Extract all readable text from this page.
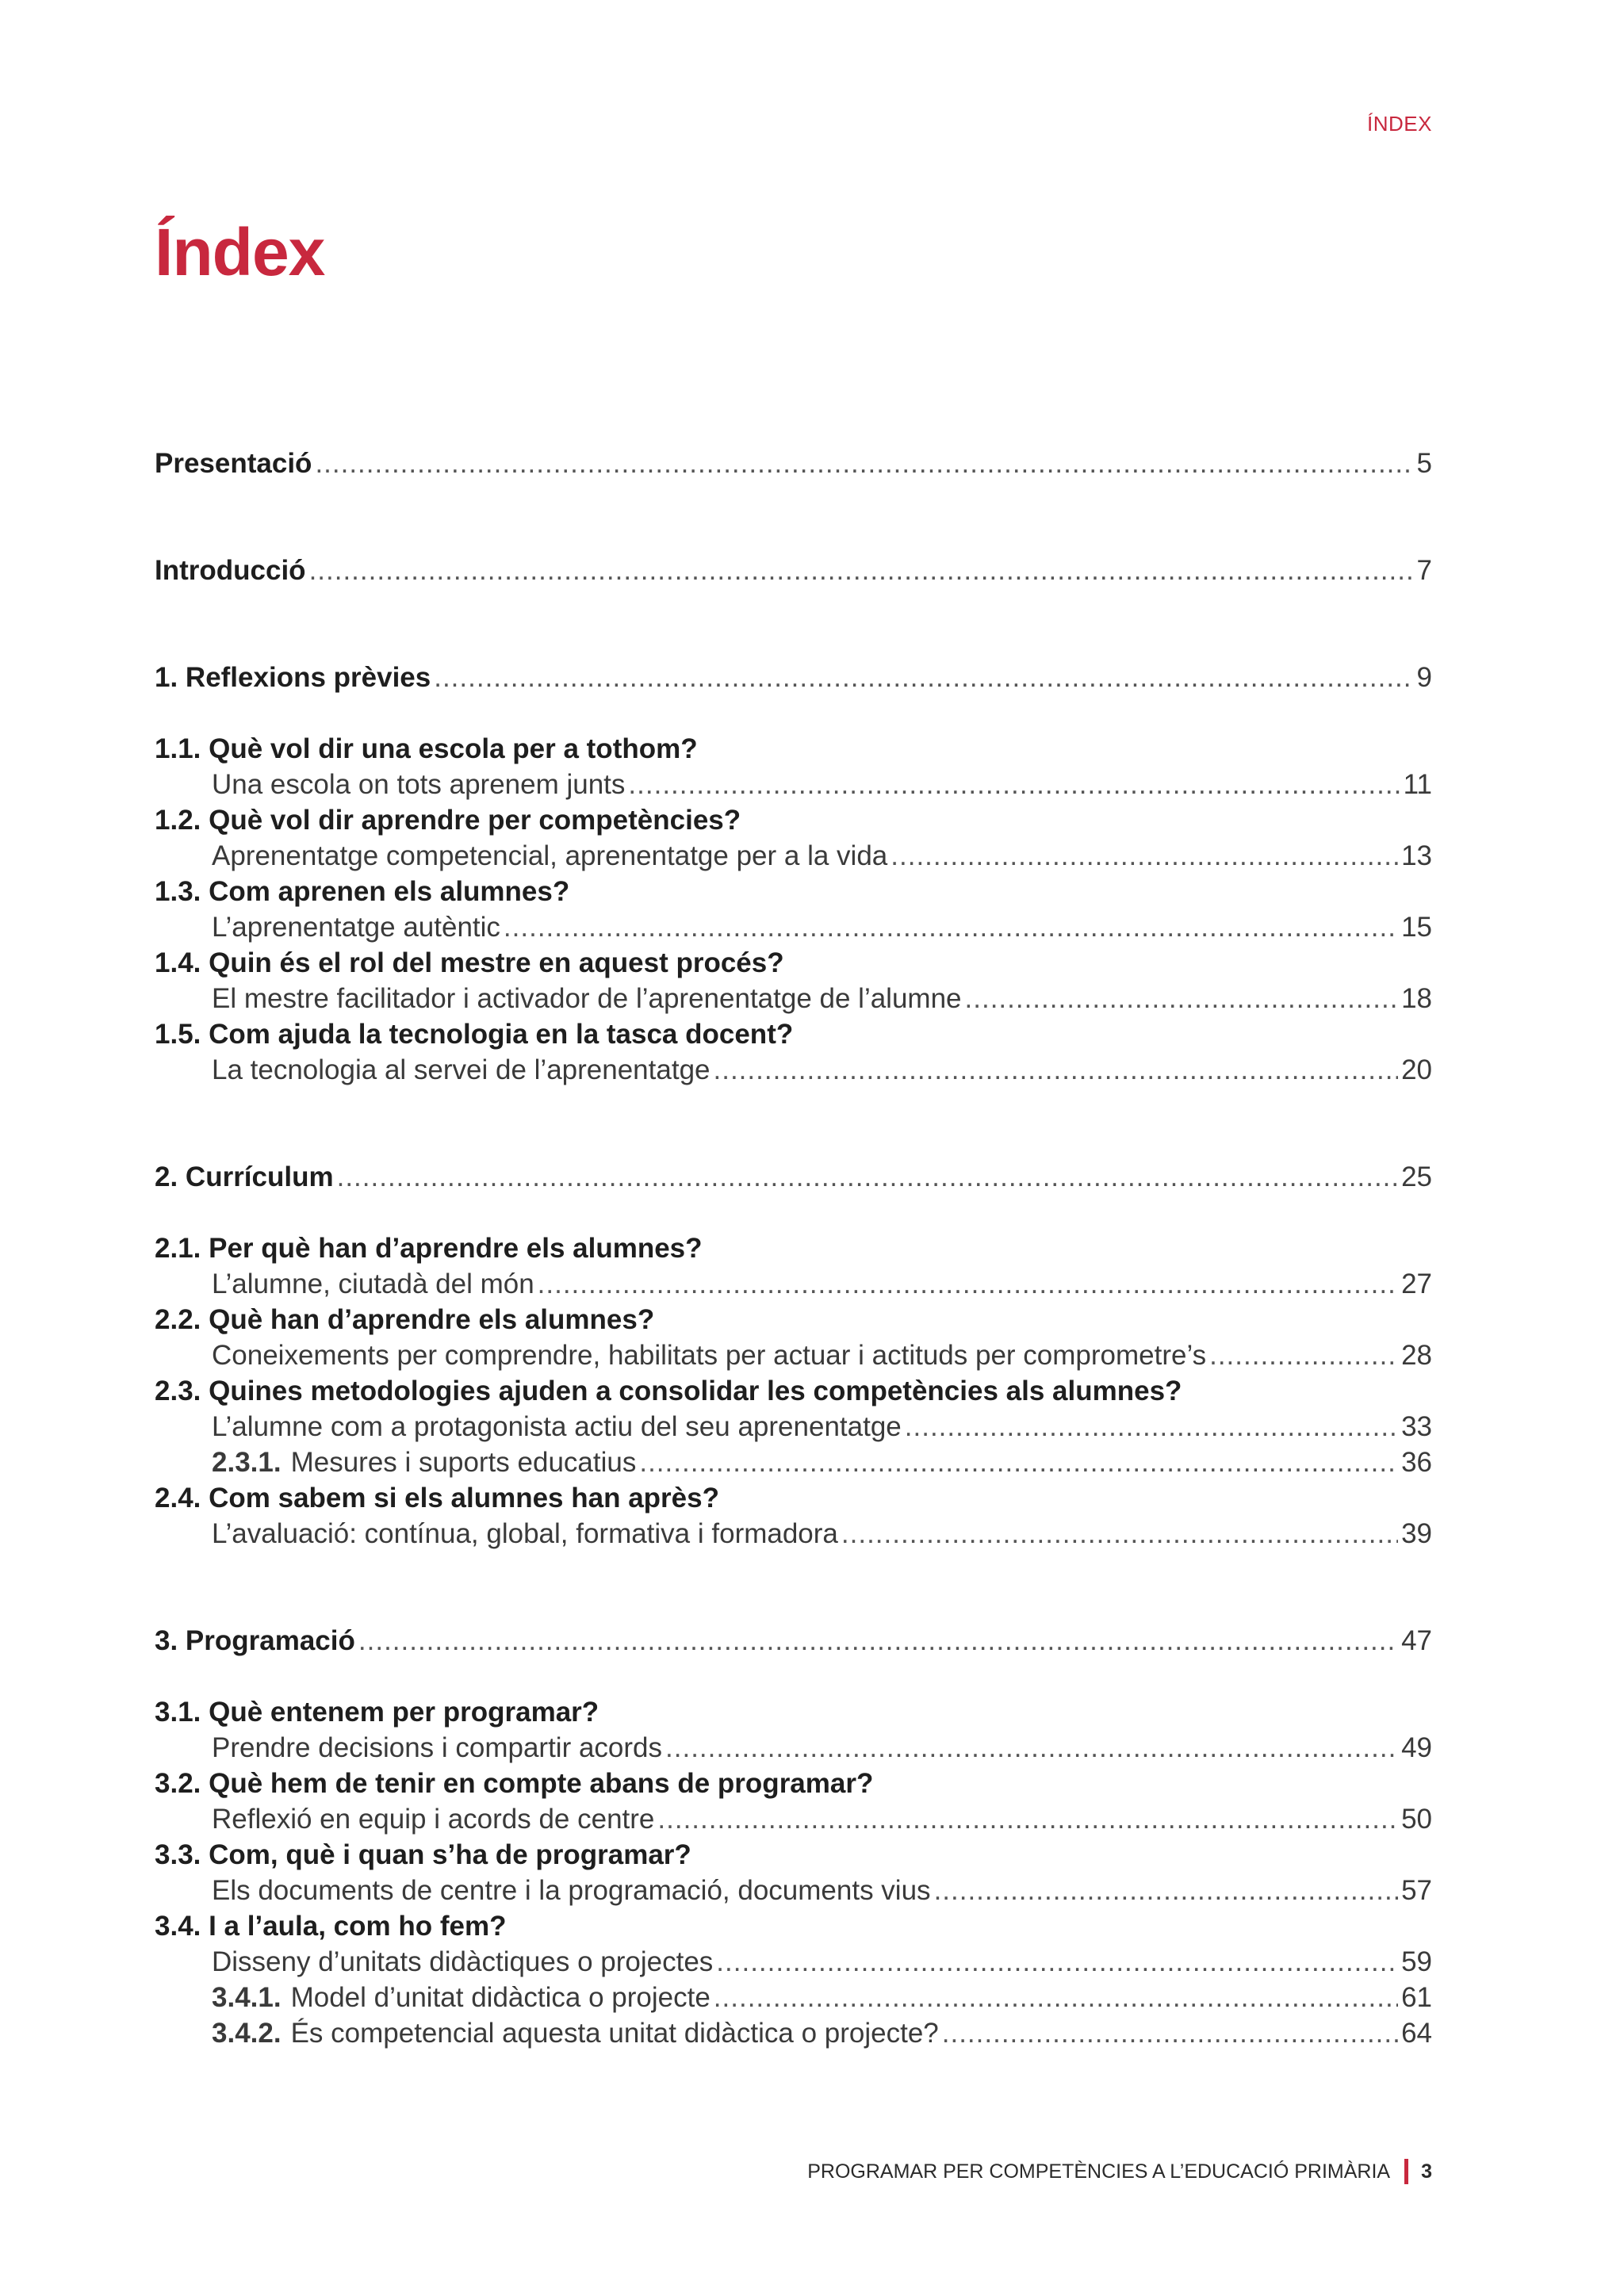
ÍNDEX
Índex
Presentació .....	5
Introducció .....	7
1. Reflexions prèvies .....	9
1.1. Què vol dir una escola per a tothom?
Una escola on tots aprenem junts .....	11
1.2. Què vol dir aprendre per competències?
Aprenentatge competencial, aprenentatge per a la vida .....	13
1.3. Com aprenen els alumnes?
L’aprenentatge autèntic .....	15
1.4. Quin és el rol del mestre en aquest procés?
El mestre facilitador i activador de l’aprenentatge de l’alumne .....	18
1.5. Com ajuda la tecnologia en la tasca docent?
La tecnologia al servei de l’aprenentatge .....	20
2. Currículum .....	25
2.1. Per què han d’aprendre els alumnes?
L’alumne, ciutadà del món .....	27
2.2. Què han d’aprendre els alumnes?
Coneixements per comprendre, habilitats per actuar i actituds per comprometre’s .....	28
2.3. Quines metodologies ajuden a consolidar les competències als alumnes?
L’alumne com a protagonista actiu del seu aprenentatge .....	33
2.3.1. Mesures i suports educatius .....	36
2.4. Com sabem si els alumnes han après?
L’avaluació: contínua, global, formativa i formadora .....	39
3. Programació .....	47
3.1. Què entenem per programar?
Prendre decisions i compartir acords .....	49
3.2. Què hem de tenir en compte abans de programar?
Reflexió en equip i acords de centre .....	50
3.3. Com, què i quan s’ha de programar?
Els documents de centre i la programació, documents vius .....	57
3.4. I a l’aula, com ho fem?
Disseny d’unitats didàctiques o projectes .....	59
3.4.1. Model d’unitat didàctica o projecte .....	61
3.4.2. És competencial aquesta unitat didàctica o projecte? .....	64
PROGRAMAR PER COMPETÈNCIES A L’EDUCACIÓ PRIMÀRIA 3
